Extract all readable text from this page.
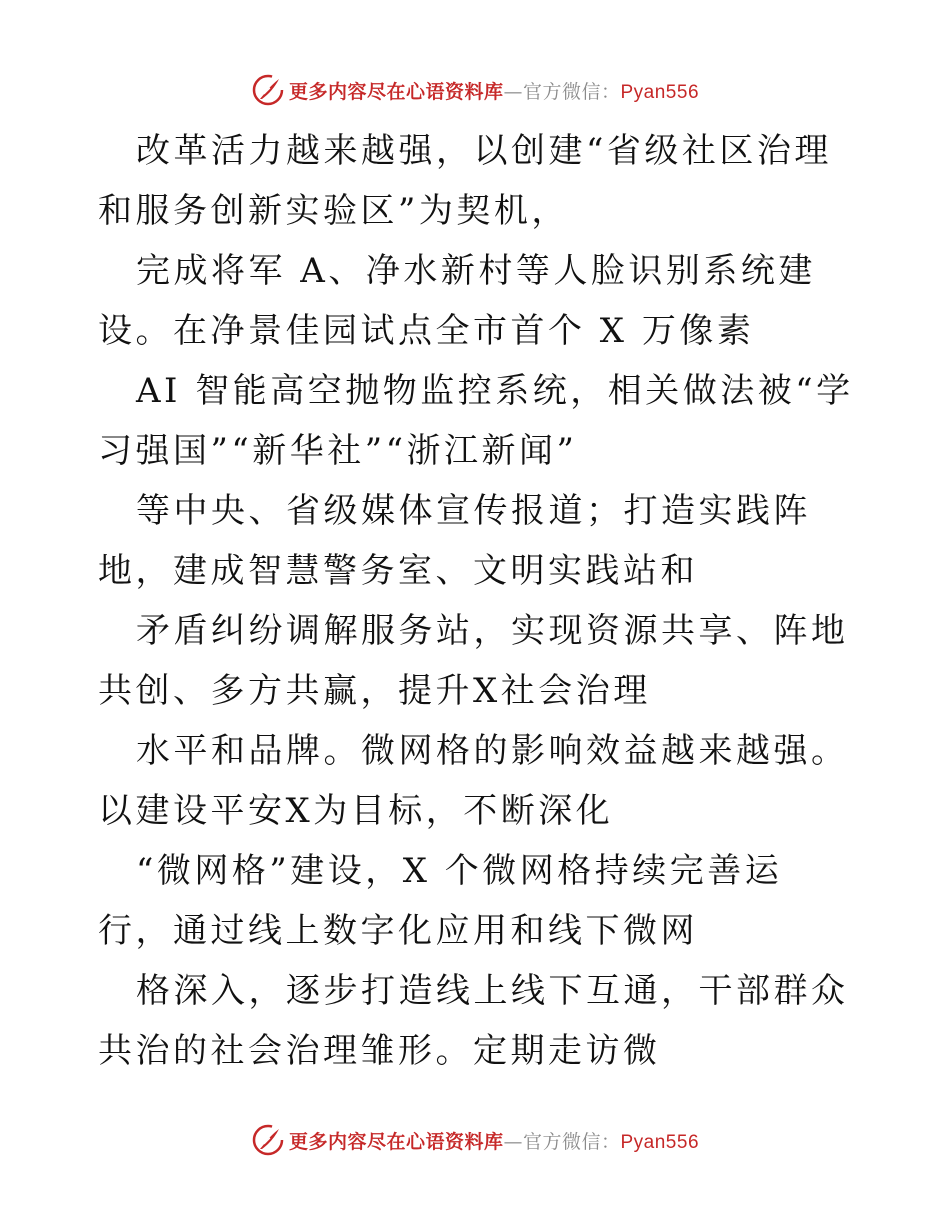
更多内容尽在心语资料库—官方微信：Pyan556

改革活力越来越强，以创建“省级社区治理和服务创新实验区”为契机，

完成将军 A、净水新村等人脸识别系统建设。在净景佳园试点全市首个 X 万像素

AI 智能高空抛物监控系统，相关做法被“学习强国”“新华社”“浙江新闻”

等中央、省级媒体宣传报道；打造实践阵地，建成智慧警务室、文明实践站和

矛盾纠纷调解服务站，实现资源共享、阵地共创、多方共赢，提升X社会治理

水平和品牌。微网格的影响效益越来越强。以建设平安X为目标，不断深化

“微网格”建设，X 个微网格持续完善运行，通过线上数字化应用和线下微网

格深入，逐步打造线上线下互通，干部群众共治的社会治理雏形。定期走访微

更多内容尽在心语资料库—官方微信：Pyan556
